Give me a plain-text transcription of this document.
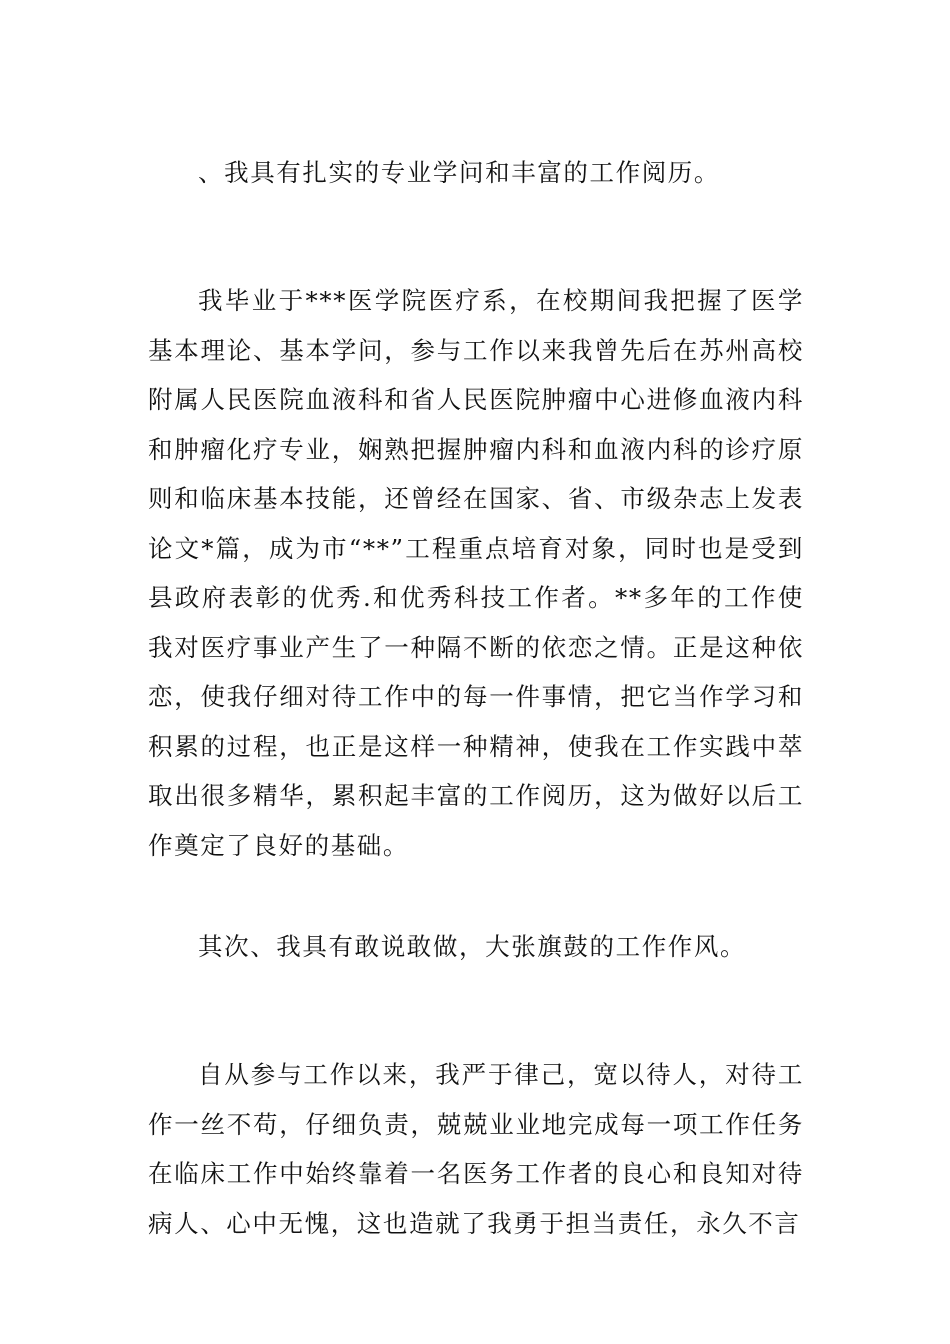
、我具有扎实的专业学问和丰富的工作阅历。

我毕业于***医学院医疗系，在校期间我把握了医学基本理论、基本学问，参与工作以来我曾先后在苏州高校附属人民医院血液科和省人民医院肿瘤中心进修血液内科和肿瘤化疗专业，娴熟把握肿瘤内科和血液内科的诊疗原则和临床基本技能，还曾经在国家、省、市级杂志上发表论文*篇，成为市“**”工程重点培育对象，同时也是受到县政府表彰的优秀.和优秀科技工作者。**多年的工作使我对医疗事业产生了一种隔不断的依恋之情。正是这种依恋，使我仔细对待工作中的每一件事情，把它当作学习和积累的过程，也正是这样一种精神，使我在工作实践中萃取出很多精华，累积起丰富的工作阅历，这为做好以后工作奠定了良好的基础。

其次、我具有敢说敢做，大张旗鼓的工作作风。

自从参与工作以来，我严于律己，宽以待人，对待工作一丝不苟，仔细负责，兢兢业业地完成每一项工作任务在临床工作中始终靠着一名医务工作者的良心和良知对待病人、心中无愧，这也造就了我勇于担当责任，永久不言
